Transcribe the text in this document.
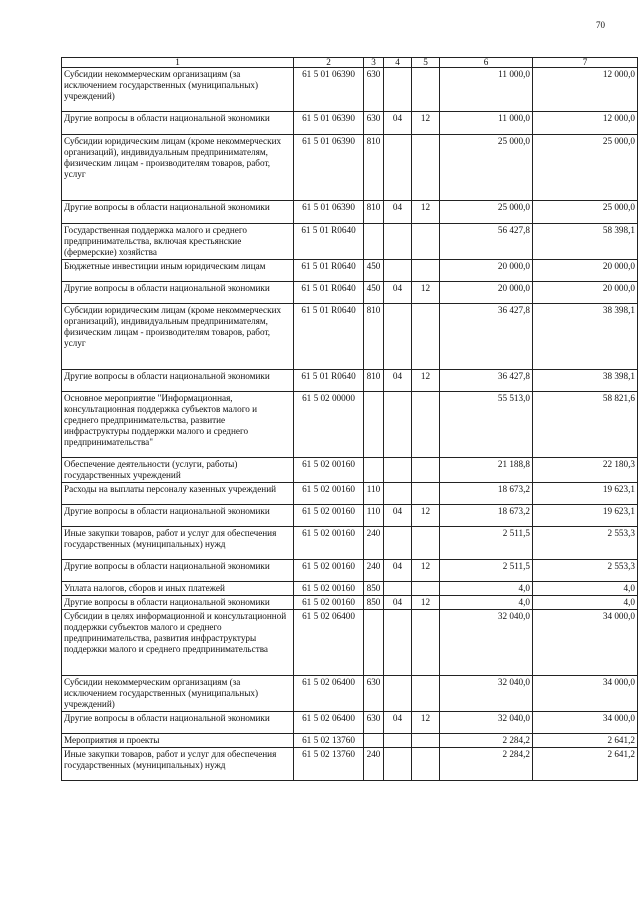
70
1	2	3	4	5	6	7
Субсидии некоммерческим организациям (за исключением государственных (муниципальных) учреждений)	61 5 01 06390	630			11 000,0	12 000,0
Другие вопросы в области национальной экономики	61 5 01 06390	630	04	12	11 000,0	12 000,0
Субсидии юридическим лицам (кроме некоммерческих организаций), индивидуальным предпринимателям, физическим лицам - производителям товаров, работ, услуг	61 5 01 06390	810			25 000,0	25 000,0
Другие вопросы в области национальной экономики	61 5 01 06390	810	04	12	25 000,0	25 000,0
Государственная поддержка малого и среднего предпринимательства, включая крестьянские (фермерские) хозяйства	61 5 01 R0640				56 427,8	58 398,1
Бюджетные инвестиции иным юридическим лицам	61 5 01 R0640	450			20 000,0	20 000,0
Другие вопросы в области национальной экономики	61 5 01 R0640	450	04	12	20 000,0	20 000,0
Субсидии юридическим лицам (кроме некоммерческих организаций), индивидуальным предпринимателям, физическим лицам - производителям товаров, работ, услуг	61 5 01 R0640	810			36 427,8	38 398,1
Другие вопросы в области национальной экономики	61 5 01 R0640	810	04	12	36 427,8	38 398,1
Основное мероприятие "Информационная, консультационная поддержка субъектов малого и среднего предпринимательства, развитие инфраструктуры поддержки малого и среднего предпринимательства"	61 5 02 00000				55 513,0	58 821,6
Обеспечение деятельности (услуги, работы) государственных учреждений	61 5 02 00160				21 188,8	22 180,3
Расходы на выплаты персоналу казенных учреждений	61 5 02 00160	110			18 673,2	19 623,1
Другие вопросы в области национальной экономики	61 5 02 00160	110	04	12	18 673,2	19 623,1
Иные закупки товаров, работ и услуг для обеспечения государственных (муниципальных) нужд	61 5 02 00160	240			2 511,5	2 553,3
Другие вопросы в области национальной экономики	61 5 02 00160	240	04	12	2 511,5	2 553,3
Уплата налогов, сборов и иных платежей	61 5 02 00160	850			4,0	4,0
Другие вопросы в области национальной экономики	61 5 02 00160	850	04	12	4,0	4,0
Субсидии в целях информационной и консультационной поддержки субъектов малого и среднего предпринимательства, развития инфраструктуры поддержки малого и среднего предпринимательства	61 5 02 06400				32 040,0	34 000,0
Субсидии некоммерческим организациям (за исключением государственных (муниципальных) учреждений)	61 5 02 06400	630			32 040,0	34 000,0
Другие вопросы в области национальной экономики	61 5 02 06400	630	04	12	32 040,0	34 000,0
Мероприятия и проекты	61 5 02 13760				2 284,2	2 641,2
Иные закупки товаров, работ и услуг для обеспечения государственных (муниципальных) нужд	61 5 02 13760	240			2 284,2	2 641,2
